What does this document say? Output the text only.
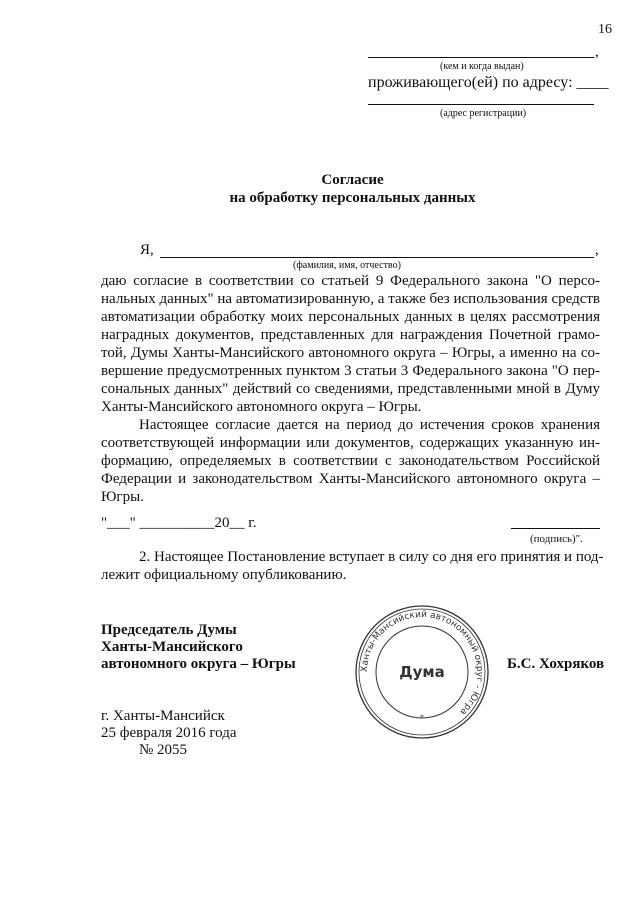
16
,
(кем и когда выдан)
проживающего(ей) по адресу: ____
(адрес регистрации)
Согласие
на обработку персональных данных
Я,	,
(фамилия, имя, отчество)
даю согласие в соответствии со статьей 9 Федерального закона "О персо-
нальных данных" на автоматизированную, а также без использования средств
автоматизации обработку моих персональных данных в целях рассмотрения
наградных документов, представленных для награждения Почетной грамо-
той, Думы Ханты-Мансийского автономного округа – Югры, а именно на со-
вершение предусмотренных пунктом 3 статьи 3 Федерального закона "О пер-
сональных данных" действий со сведениями, представленными мной в Думу
Ханты-Мансийского автономного округа – Югры.
Настоящее согласие дается на период до истечения сроков хранения
соответствующей информации или документов, содержащих указанную ин-
формацию, определяемых в соответствии с законодательством Российской
Федерации и законодательством Ханты-Мансийского автономного округа –
Югры.
"___" __________20__ г.
(подпись)".
2. Настоящее Постановление вступает в силу со дня его принятия и под-
лежит официальному опубликованию.
Председатель Думы
Ханты-Мансийского
автономного округа – Югры	Б.С. Хохряков
Ханты-Мансийский автономный округ - Югра
Дума
*
г. Ханты-Мансийск
25 февраля 2016 года
№ 2055
